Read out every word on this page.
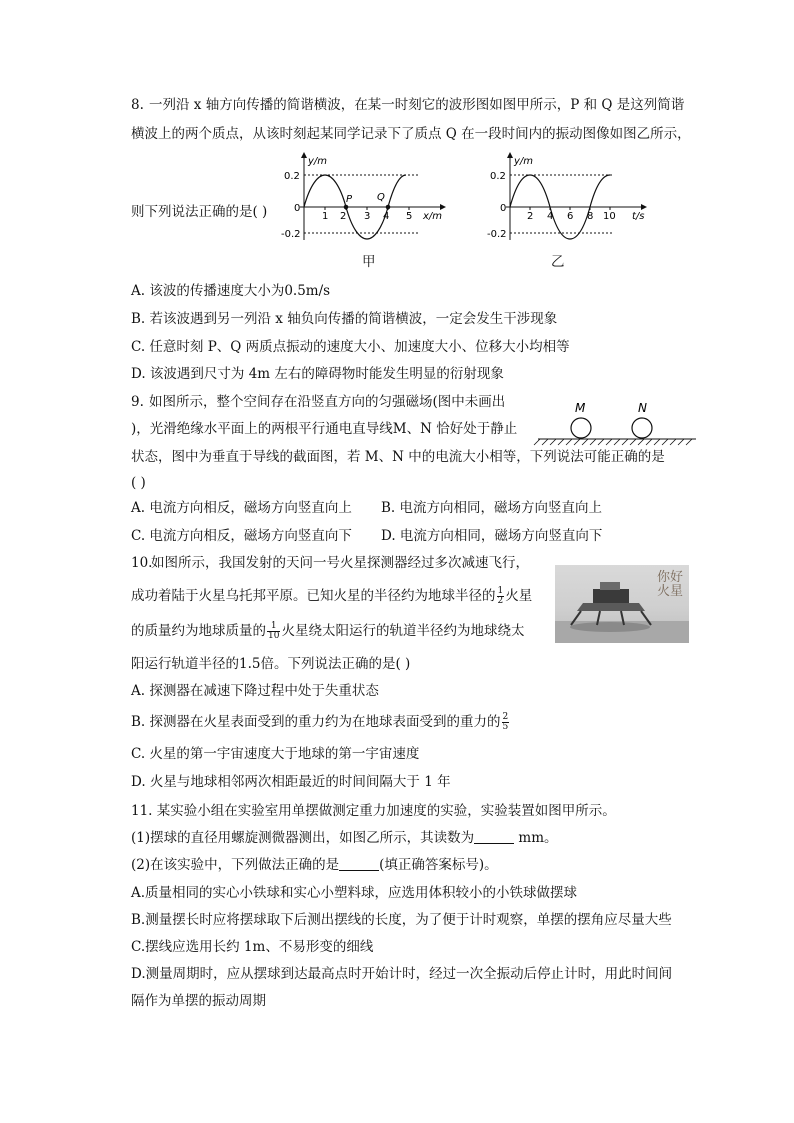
8. 一列沿 x 轴方向传播的简谐横波，在某一时刻它的波形图如图甲所示，P 和 Q 是这列简谐
横波上的两个质点，从该时刻起某同学记录下了质点 Q 在一段时间内的振动图像如图乙所示，
则下列说法正确的是( )
y/m
x/m
0.2
0
-0.2
1 2 3 4 5
P Q
甲
y/m
t/s
0.2
0
-0.2
2 4 6 8 10
乙
A. 该波的传播速度大小为0.5m/s
B. 若该波遇到另一列沿 x 轴负向传播的简谐横波，一定会发生干涉现象
C. 任意时刻 P、Q 两质点振动的速度大小、加速度大小、位移大小均相等
D. 该波遇到尺寸为 4m 左右的障碍物时能发生明显的衍射现象
9. 如图所示，整个空间存在沿竖直方向的匀强磁场(图中未画出
)，光滑绝缘水平面上的两根平行通电直导线M、N 恰好处于静止
状态，图中为垂直于导线的截面图，若 M、N 中的电流大小相等，下列说法可能正确的是
( )
M	N
A. 电流方向相反，磁场方向竖直向上 B. 电流方向相同，磁场方向竖直向上
C. 电流方向相反，磁场方向竖直向下 D. 电流方向相同，磁场方向竖直向下
10.
如图所示，我国发射的天问一号火星探测器经过多次减速飞行，
成功着陆于火星乌托邦平原。已知火星的半径约为地球半径的 $\frac{1}{2}$ 火星
的质量约为地球质量的 $\frac{1}{10}$ 火星绕太阳运行的轨道半径约为地球绕太
阳运行轨道半径的1.5倍。下列说法正确的是( )
你好火星
A. 探测器在减速下降过程中处于失重状态
B. 探测器在火星表面受到的重力约为在地球表面受到的重力的 $\frac{2}{5}$
C. 火星的第一宇宙速度大于地球的第一宇宙速度
D. 火星与地球相邻两次相距最近的时间间隔大于 1 年
11. 某实验小组在实验室用单摆做测定重力加速度的实验，实验装置如图甲所示。
(1)摆球的直径用螺旋测微器测出，如图乙所示，其读数为	mm。
(2)在该实验中，下列做法正确的是	(填正确答案标号)。
A.质量相同的实心小铁球和实心小塑料球，应选用体积较小的小铁球做摆球
B.测量摆长时应将摆球取下后测出摆线的长度，为了便于计时观察，单摆的摆角应尽量大些
C.摆线应选用长约 1m、不易形变的细线
D.测量周期时，应从摆球到达最高点时开始计时，经过一次全振动后停止计时，用此时间间
隔作为单摆的振动周期
